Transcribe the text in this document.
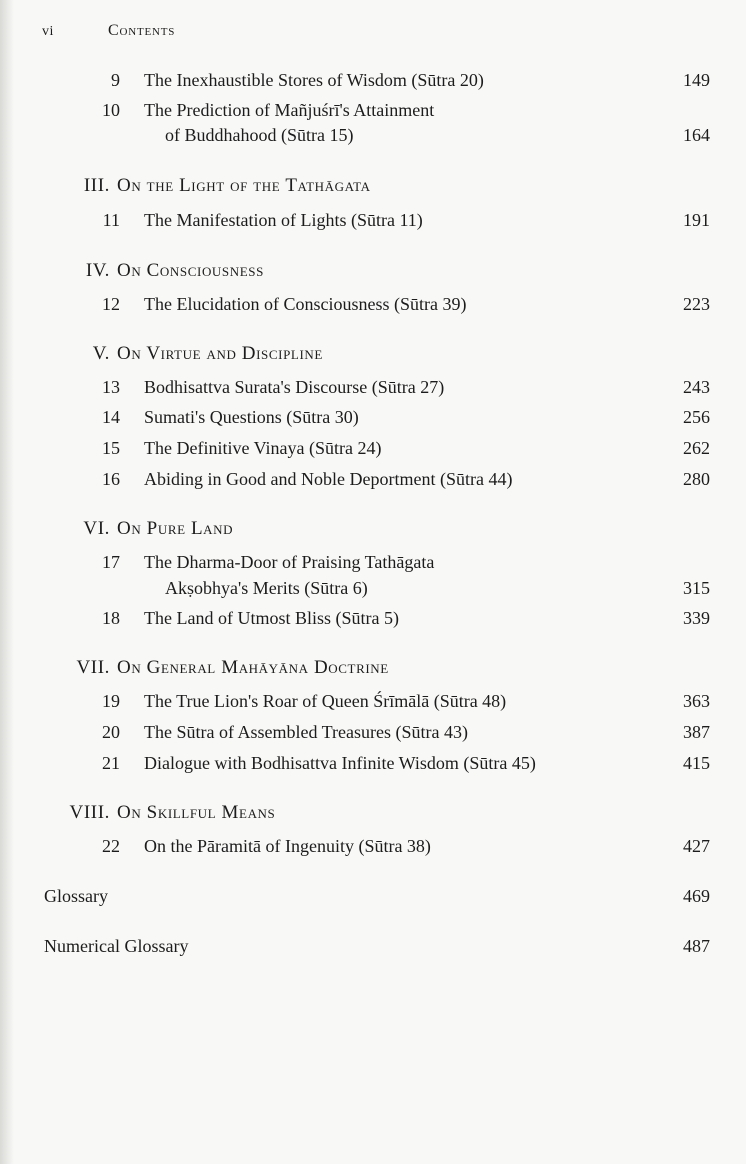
vi	Contents
9 The Inexhaustible Stores of Wisdom (Sūtra 20)	149
10 The Prediction of Mañjuśrī's Attainment
of Buddhahood (Sūtra 15)	164
III. On the Light of the Tathāgata
11 The Manifestation of Lights (Sūtra 11)	191
IV. On Consciousness
12 The Elucidation of Consciousness (Sūtra 39)	223
V. On Virtue and Discipline
13 Bodhisattva Surata's Discourse (Sūtra 27)	243
14 Sumati's Questions (Sūtra 30)	256
15 The Definitive Vinaya (Sūtra 24)	262
16 Abiding in Good and Noble Deportment (Sūtra 44)	280
VI. On Pure Land
17 The Dharma-Door of Praising Tathāgata
Akṣobhya's Merits (Sūtra 6)	315
18 The Land of Utmost Bliss (Sūtra 5)	339
VII. On General Mahāyāna Doctrine
19 The True Lion's Roar of Queen Śrīmālā (Sūtra 48)	363
20 The Sūtra of Assembled Treasures (Sūtra 43)	387
21 Dialogue with Bodhisattva Infinite Wisdom (Sūtra 45)	415
VIII. On Skillful Means
22 On the Pāramitā of Ingenuity (Sūtra 38)	427
Glossary	469
Numerical Glossary	487
